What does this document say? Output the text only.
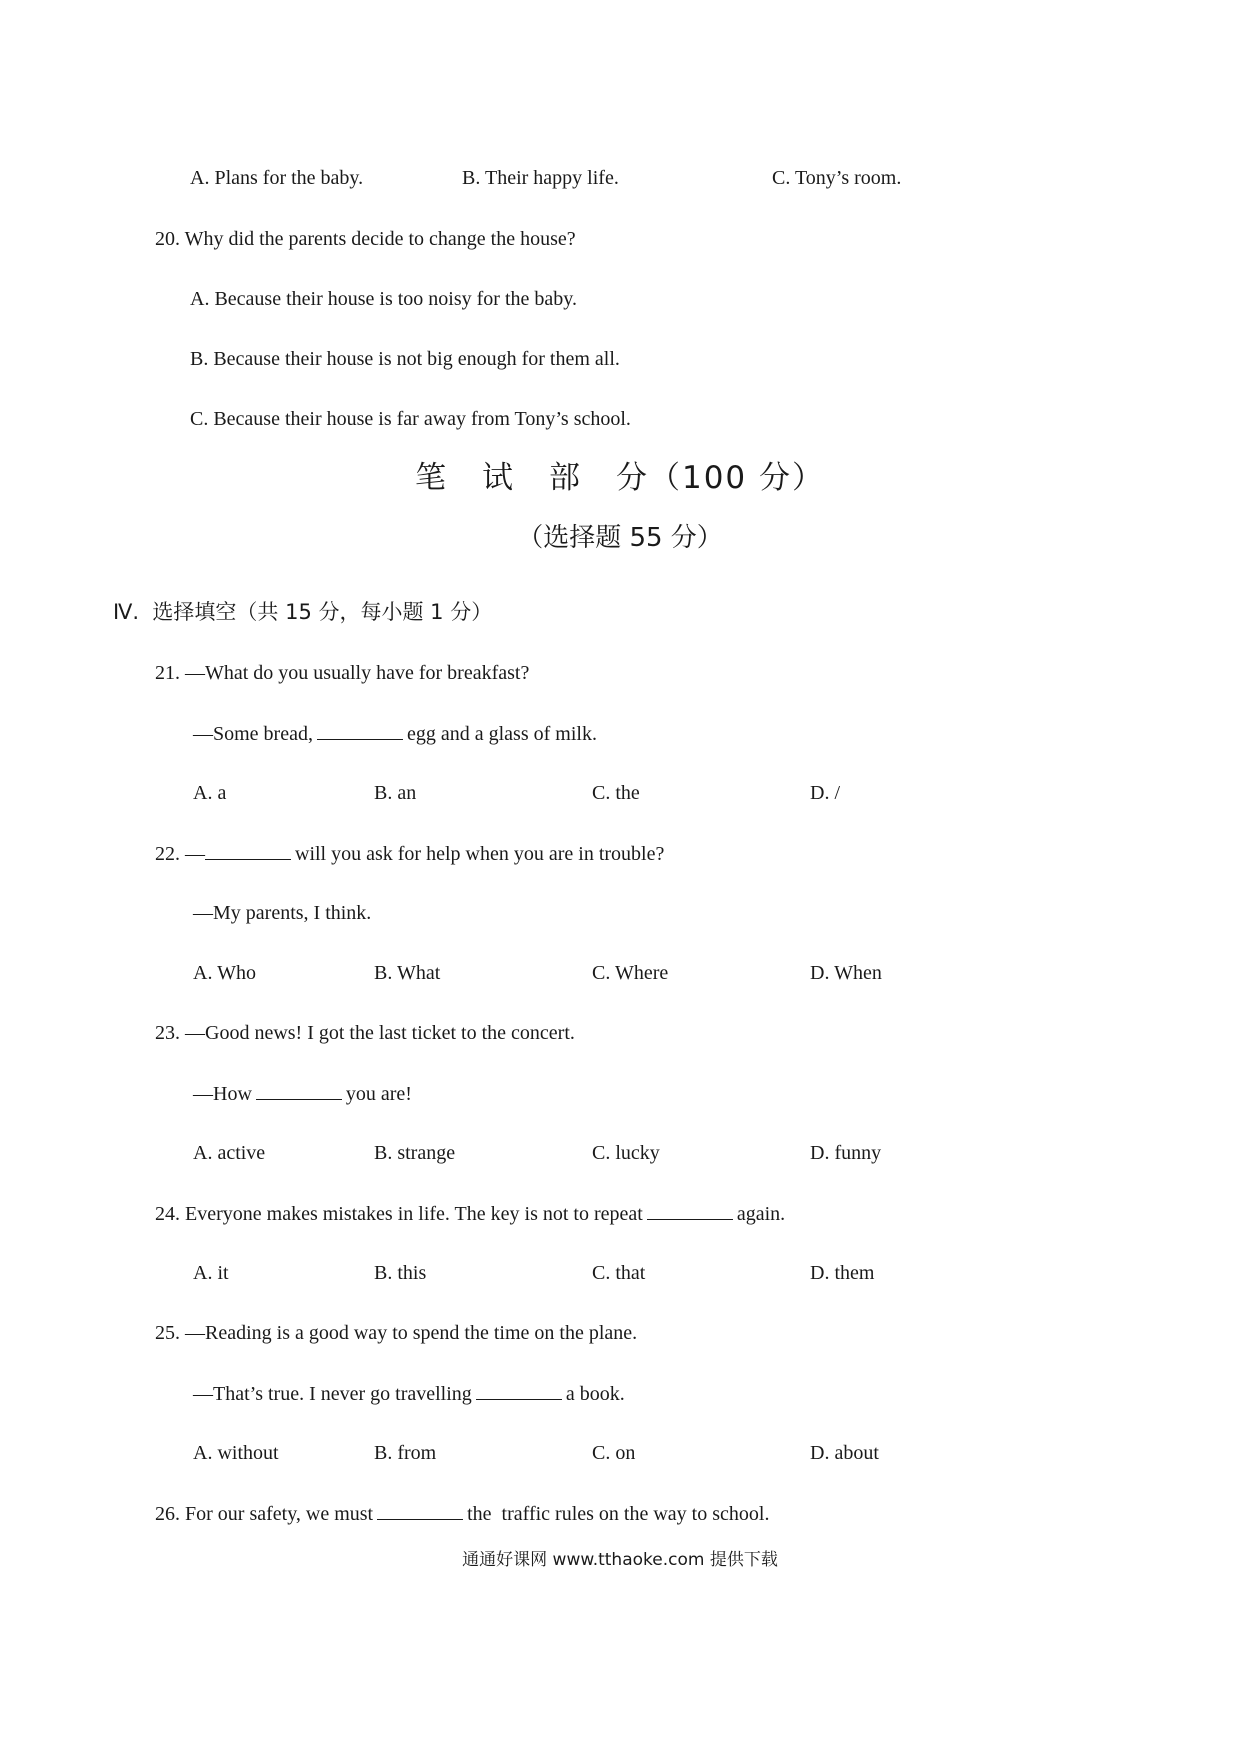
A. Plans for the baby.	B. Their happy life.	C. Tony’s room.
20. Why did the parents decide to change the house?
A. Because their house is too noisy for the baby.
B. Because their house is not big enough for them all.
C. Because their house is far away from Tony’s school.
笔 试 部 分（100 分）
（选择题 55 分）
Ⅳ.  选择填空（共 15 分，每小题 1 分）
21. —What do you usually have for breakfast?
—Some bread,	egg and a glass of milk.
A. a	B. an	C. the	D. /
22. —	will you ask for help when you are in trouble?
—My parents, I think.
A. Who	B. What	C. Where	D. When
23. —Good news! I got the last ticket to the concert.
—How	you are!
A. active	B. strange	C. lucky	D. funny
24. Everyone makes mistakes in life. The key is not to repeat	again.
A. it	B. this	C. that	D. them
25. —Reading is a good way to spend the time on the plane.
—That’s true. I never go travelling	a book.
A. without	B. from	C. on	D. about
26. For our safety, we must	the  traffic rules on the way to school.
通通好课网 www.tthaoke.com 提供下载
